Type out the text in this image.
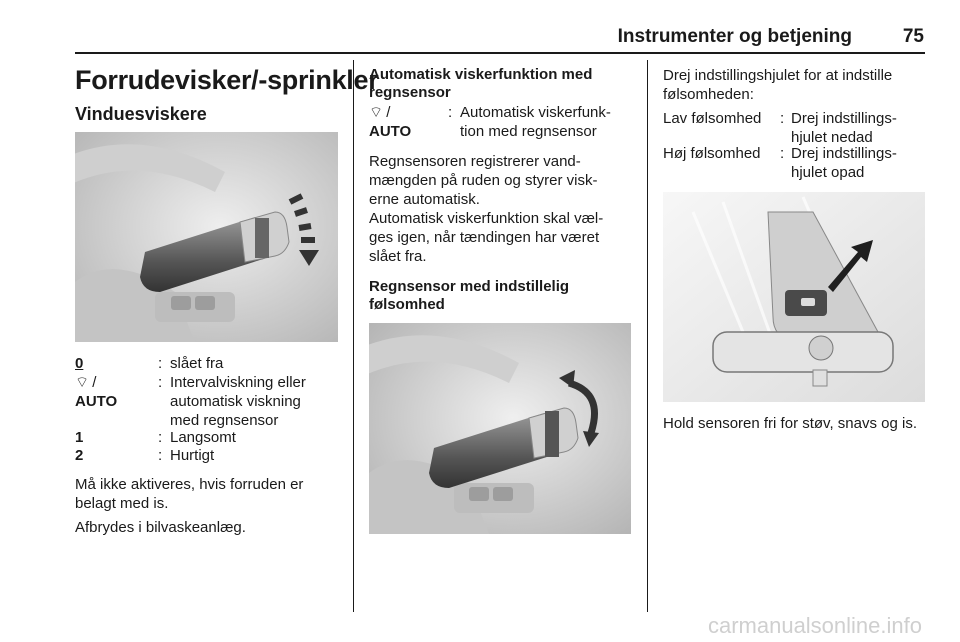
Instrumenter og betjening	75
Forrudevisker/-sprinkler
Vinduesviskere
0	: slået fra
⌔ /
AUTO
: Intervalviskning eller
automatisk viskning
med regnsensor
1	: Langsomt
2	: Hurtigt
Må ikke aktiveres, hvis forruden er
belagt med is.
Afbrydes i bilvaskeanlæg.
Automatisk viskerfunktion med
regnsensor
⌔ /
AUTO
: Automatisk viskerfunk-
tion med regnsensor
Regnsensoren registrerer vand-
mængden på ruden og styrer visk-
erne automatisk.
Automatisk viskerfunktion skal væl-
ges igen, når tændingen har været
slået fra.
Regnsensor med indstillelig
følsomhed
Drej indstillingshjulet for at indstille
følsomheden:
Lav følsomhed : Drej indstillings-
hjulet nedad
Høj følsomhed : Drej indstillings-
hjulet opad
Hold sensoren fri for støv, snavs og is.
carmanualsonline.info
